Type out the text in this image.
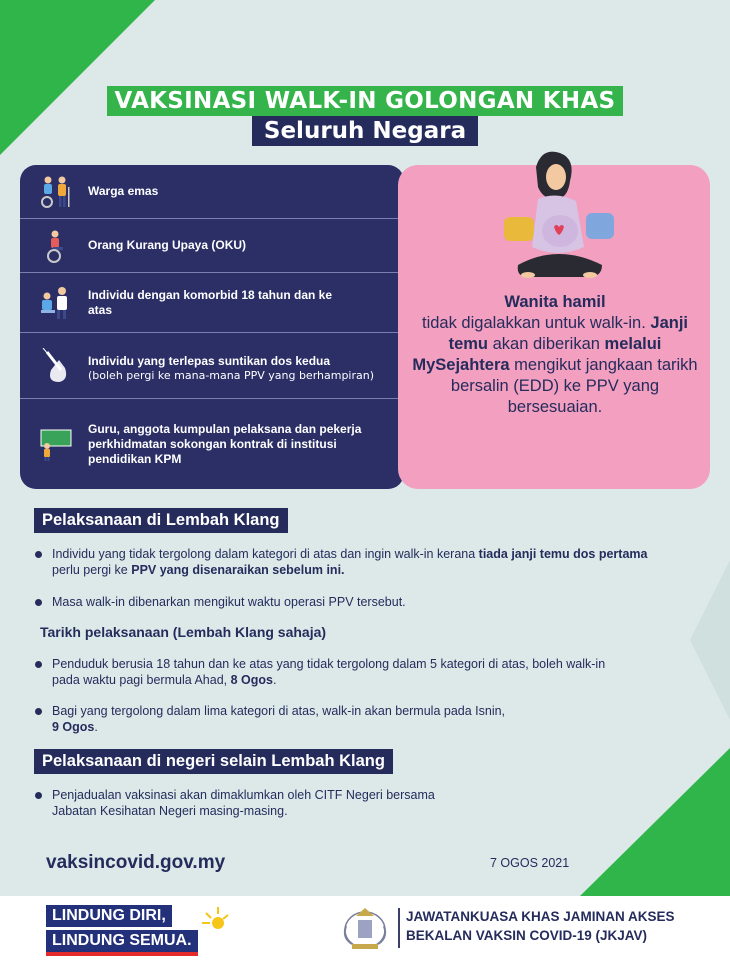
VAKSINASI WALK-IN GOLONGAN KHAS
Seluruh Negara
Warga emas
Orang Kurang Upaya (OKU)
Individu dengan komorbid 18 tahun dan ke atas
Individu yang terlepas suntikan dos kedua
(boleh pergi ke mana-mana PPV yang berhampiran)
Guru, anggota kumpulan pelaksana dan pekerja perkhidmatan sokongan kontrak di institusi pendidikan KPM
Wanita hamil
tidak digalakkan untuk walk-in. Janji temu akan diberikan melalui MySejahtera mengikut jangkaan tarikh bersalin (EDD) ke PPV yang bersesuaian.
Pelaksanaan di Lembah Klang
Individu yang tidak tergolong dalam kategori di atas dan ingin walk-in kerana tiada janji temu dos pertama perlu pergi ke PPV yang disenaraikan sebelum ini.
Masa walk-in dibenarkan mengikut waktu operasi PPV tersebut.
Tarikh pelaksanaan (Lembah Klang sahaja)
Penduduk berusia 18 tahun dan ke atas yang tidak tergolong dalam 5 kategori di atas, boleh walk-in pada waktu pagi bermula Ahad, 8 Ogos.
Bagi yang tergolong dalam lima kategori di atas, walk-in akan bermula pada Isnin, 9 Ogos.
Pelaksanaan di negeri selain Lembah Klang
Penjadualan vaksinasi akan dimaklumkan oleh CITF Negeri bersama Jabatan Kesihatan Negeri masing-masing.
vaksincovid.gov.my	7 OGOS 2021
LINDUNG DIRI,
LINDUNG SEMUA.
JAWATANKUASA KHAS JAMINAN AKSES
BEKALAN VAKSIN COVID-19 (JKJAV)
